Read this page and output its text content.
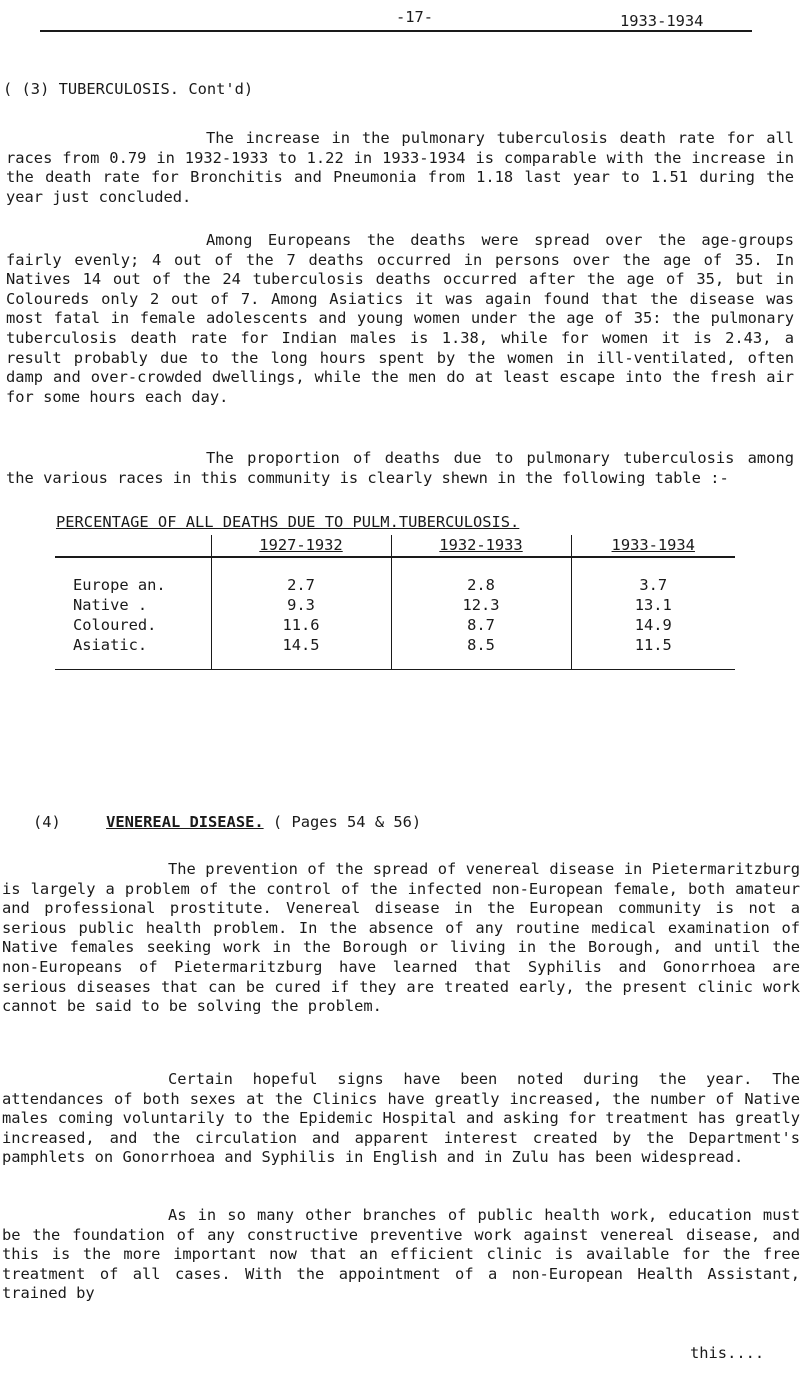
-17-	1933-1934
( (3) TUBERCULOSIS. Cont'd)

The increase in the pulmonary tuberculosis death rate for all races from 0.79 in 1932-1933 to 1.22 in 1933-1934 is comparable with the increase in the death rate for Bronchitis and Pneumonia from 1.18 last year to 1.51 during the year just concluded.

Among Europeans the deaths were spread over the age-groups fairly evenly; 4 out of the 7 deaths occurred in persons over the age of 35. In Natives 14 out of the 24 tuberculosis deaths occurred after the age of 35, but in Coloureds only 2 out of 7. Among Asiatics it was again found that the disease was most fatal in female adolescents and young women under the age of 35: the pulmonary tuberculosis death rate for Indian males is 1.38, while for women it is 2.43, a result probably due to the long hours spent by the women in ill-ventilated, often damp and over-crowded dwellings, while the men do at least escape into the fresh air for some hours each day.

The proportion of deaths due to pulmonary tuberculosis among the various races in this community is clearly shewn in the following table :-

PERCENTAGE OF ALL DEATHS DUE TO PULM.TUBERCULOSIS.
	1927-1932	1932-1933	1933-1934
Europe an.	2.7	2.8	3.7
Native .	9.3	12.3	13.1
Coloured.	11.6	8.7	14.9
Asiatic.	14.5	8.5	11.5
(4)	VENEREAL DISEASE. ( Pages 54 & 56)

The prevention of the spread of venereal disease in Pietermaritzburg is largely a problem of the control of the infected non-European female, both amateur and professional prostitute. Venereal disease in the European community is not a serious public health problem. In the absence of any routine medical examination of Native females seeking work in the Borough or living in the Borough, and until the non-Europeans of Pietermaritzburg have learned that Syphilis and Gonorrhoea are serious diseases that can be cured if they are treated early, the present clinic work cannot be said to be solving the problem.

Certain hopeful signs have been noted during the year. The attendances of both sexes at the Clinics have greatly increased, the number of Native males coming voluntarily to the Epidemic Hospital and asking for treatment has greatly increased, and the circulation and apparent interest created by the Department's pamphlets on Gonorrhoea and Syphilis in English and in Zulu has been widespread.

As in so many other branches of public health work, education must be the foundation of any constructive preventive work against venereal disease, and this is the more important now that an efficient clinic is available for the free treatment of all cases. With the appointment of a non-European Health Assistant, trained by

this....
